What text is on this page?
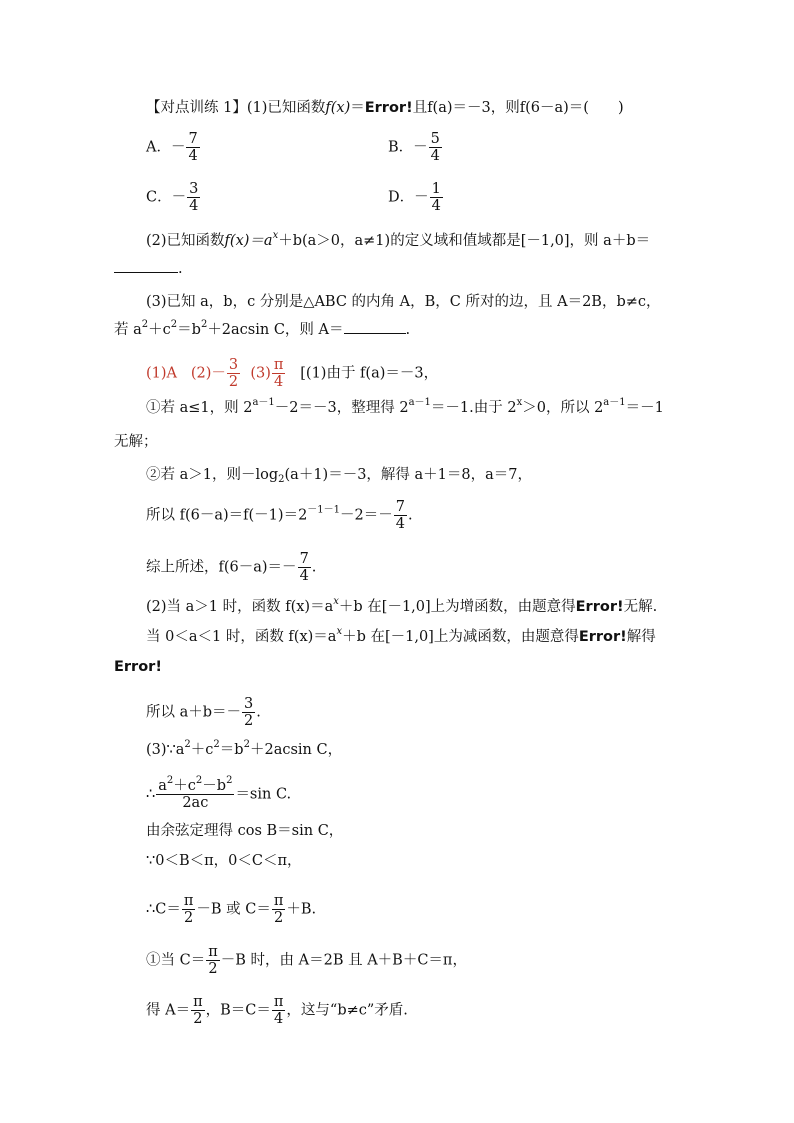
【对点训练 1】(1)已知函数f(x)＝Error!且f(a)＝－3，则f(6－a)＝(　　)
A．－ $\frac{7}{4}$	B．－ $\frac{5}{4}$
C．－ $\frac{3}{4}$	D．－ $\frac{1}{4}$
(2)已知函数$f(x)=a^x+b(a>0$，a≠1)的定义域和值域都是[－1,0]，则 a＋b＝
.
(3)已知 a，b，c 分别是△ABC 的内角 A，B，C 所对的边，且 A＝2B，b≠c，
若 $a^2+c^2=b^2+2acsin$ C，则 A＝	.
(1)A $(2)- \frac{3}{2} (3) \frac{\pi}{4} [(1)$由于 f(a)＝－3，
①若 a≤1，则 $2^{a-1}-2=-3$，整理得 $2^{a-1}=-1$.由于 $2^x>0$，所以 $2^{a-1}=-1$
无解；
②若 a＞1，则$-\log_2(a+1)=-3$，解得 a＋1＝8，a＝7，
所以 $f(6-a)=f(-1)=2^{-1-1}-2=- \frac{7}{4}$ .
综上所述，$f(6-a)=- \frac{7}{4}$ .
(2)当 a＞1 时，函数 $f(x)=a^x+b$ 在[－1,0]上为增函数，由题意得Error!无解.
当 0＜a＜1 时，函数 $f(x)=a^x+b$ 在[－1,0]上为减函数，由题意得Error!解得
Error!
所以 $a+b=- \frac{3}{2}$ .
$(3)\because a^2+c^2=b^2+2acsin$ C，
∴ $\frac{a^2+c^2-b^2}{2ac} =\sin$ C.
由余弦定理得 cos B＝sin C，
∵0＜B＜π，0＜C＜π，
∴C＝ $\frac{\pi}{2} -B$ 或 $C= \frac{\pi}{2} +B$.
①当 $C= \frac{\pi}{2} -B$ 时，由 A＝2B 且 A＋B＋C＝π，
得 $A= \frac{\pi}{2}$ ，$B=C= \frac{\pi}{4}$ ，这与“b≠c”矛盾.
